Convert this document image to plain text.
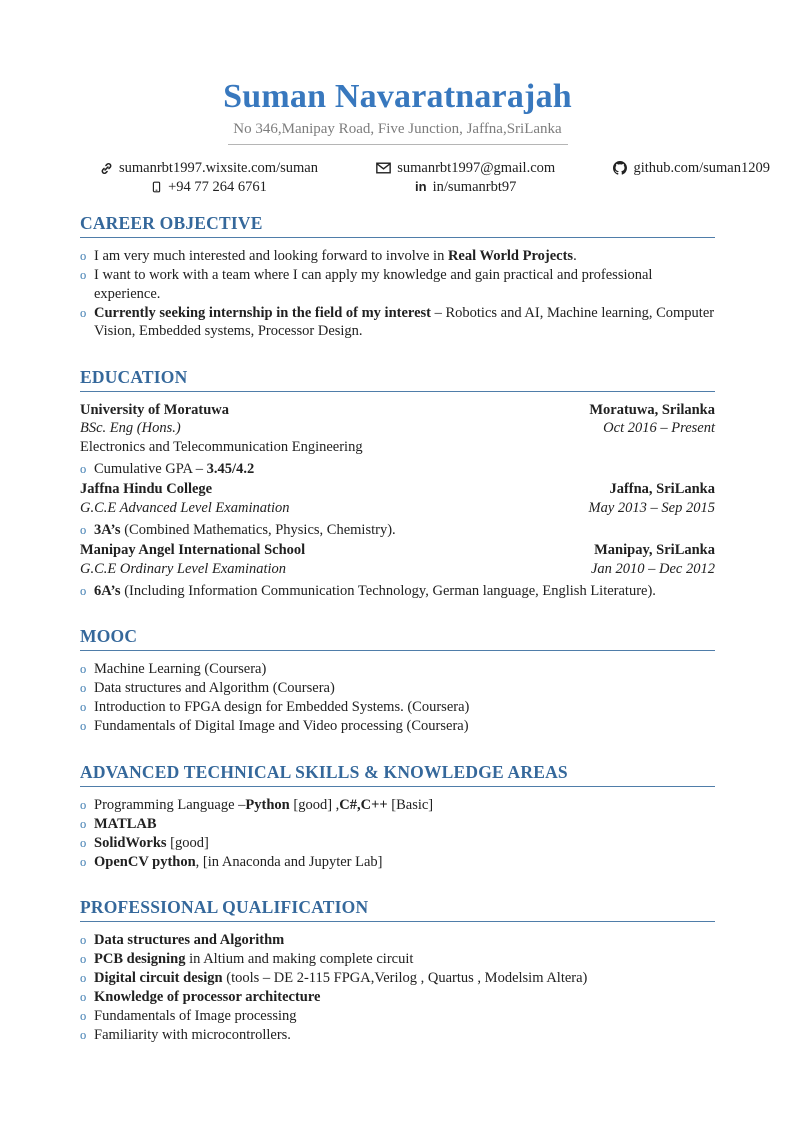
Suman Navaratnarajah
No 346,Manipay Road, Five Junction, Jaffna,SriLanka
sumanrbt1997.wixsite.com/suman
+94 77 264 6761
sumanrbt1997@gmail.com
in in/sumanrbt97
github.com/suman1209
CAREER OBJECTIVE
o I am very much interested and looking forward to involve in Real World Projects.
o I want to work with a team where I can apply my knowledge and gain practical and professional experience.
o Currently seeking internship in the field of my interest – Robotics and AI, Machine learning, Computer Vision, Embedded systems, Processor Design.
EDUCATION
University of Moratuwa	Moratuwa, Srilanka
BSc. Eng (Hons.)	Oct 2016 – Present
Electronics and Telecommunication Engineering
o Cumulative GPA – 3.45/4.2
Jaffna Hindu College	Jaffna, SriLanka
G.C.E Advanced Level Examination	May 2013 – Sep 2015
o 3A’s (Combined Mathematics, Physics, Chemistry).
Manipay Angel International School	Manipay, SriLanka
G.C.E Ordinary Level Examination	Jan 2010 – Dec 2012
o 6A’s (Including Information Communication Technology, German language, English Literature).
MOOC
o Machine Learning (Coursera)
o Data structures and Algorithm (Coursera)
o Introduction to FPGA design for Embedded Systems. (Coursera)
o Fundamentals of Digital Image and Video processing (Coursera)
ADVANCED TECHNICAL SKILLS & KNOWLEDGE AREAS
o Programming Language –Python [good] ,C#,C++ [Basic]
o MATLAB
o SolidWorks [good]
o OpenCV python, [in Anaconda and Jupyter Lab]
PROFESSIONAL QUALIFICATION
o Data structures and Algorithm
o PCB designing in Altium and making complete circuit
o Digital circuit design (tools – DE 2-115 FPGA,Verilog , Quartus , Modelsim Altera)
o Knowledge of processor architecture
o Fundamentals of Image processing
o Familiarity with microcontrollers.
